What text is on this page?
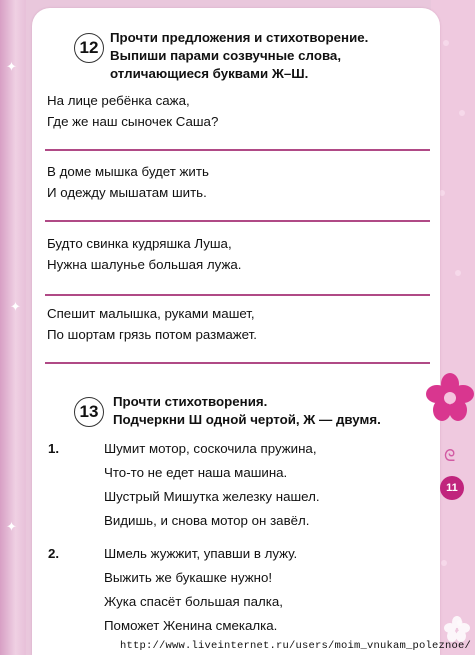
✦
✦
✦
12
Прочти предложения и стихотворение.
Выпиши парами созвучные слова,
отличающиеся буквами Ж–Ш.
На лице ребёнка сажа,
Где же наш сыночек Саша?
В доме мышка будет жить
И одежду мышатам шить.
Будто свинка кудряшка Луша,
Нужна шалунье большая лужа.
Спешит малышка, руками машет,
По шортам грязь потом размажет.
13
Прочти стихотворения.
Подчеркни Ш одной чертой, Ж — двумя.
1.	Шумит мотор, соскочила пружина,
Что-то не едет наша машина.
Шустрый Мишутка железку нашел.
Видишь, и снова мотор он завёл.
2.	Шмель жужжит, упавши в лужу.
Выжить же букашке нужно!
Жука спасёт большая палка,
Поможет Женина смекалка.
ᘓ
11
http://www.liveinternet.ru/users/moim_vnukam_poleznoe/
